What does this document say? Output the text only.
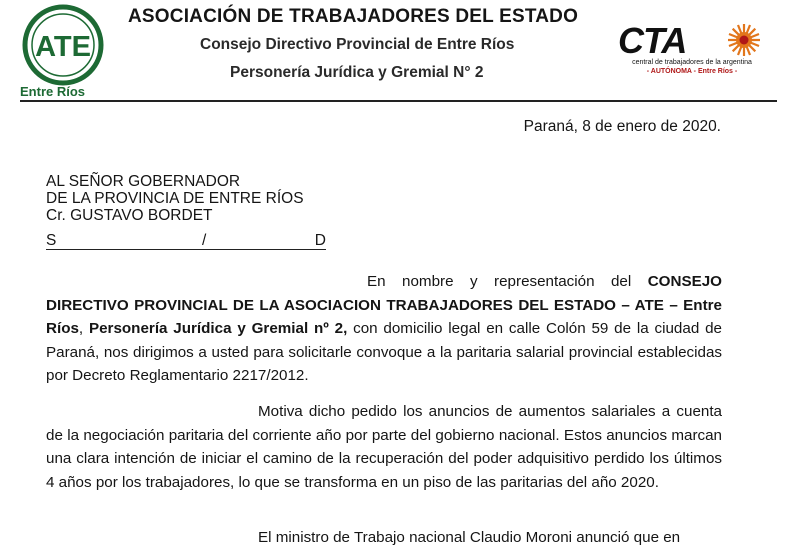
ATE
Entre Ríos
ASOCIACIÓN DE TRABAJADORES DEL ESTADO
Consejo Directivo Provincial de Entre Ríos
Personería Jurídica y Gremial N° 2
CTA
central de trabajadores de la argentina
- AUTÓNOMA - Entre Ríos -
Paraná, 8 de enero de 2020.
AL SEÑOR GOBERNADOR
DE LA PROVINCIA DE ENTRE RÍOS
Cr. GUSTAVO BORDET
S	/	D
En nombre y representación del CONSEJO DIRECTIVO PROVINCIAL DE LA ASOCIACION TRABAJADORES DEL ESTADO – ATE – Entre Ríos, Personería Jurídica y Gremial nº 2, con domicilio legal en calle Colón 59 de la ciudad de Paraná, nos dirigimos a usted para solicitarle convoque a la paritaria salarial provincial establecidas por Decreto Reglamentario 2217/2012.
Motiva dicho pedido los anuncios de aumentos salariales a cuenta de la negociación paritaria del corriente año por parte del gobierno nacional. Estos anuncios marcan una clara intención de iniciar el camino de la recuperación del poder adquisitivo perdido los últimos 4 años por los trabajadores, lo que se transforma en un piso de las paritarias del año 2020.
El ministro de Trabajo nacional Claudio Moroni anunció que en
